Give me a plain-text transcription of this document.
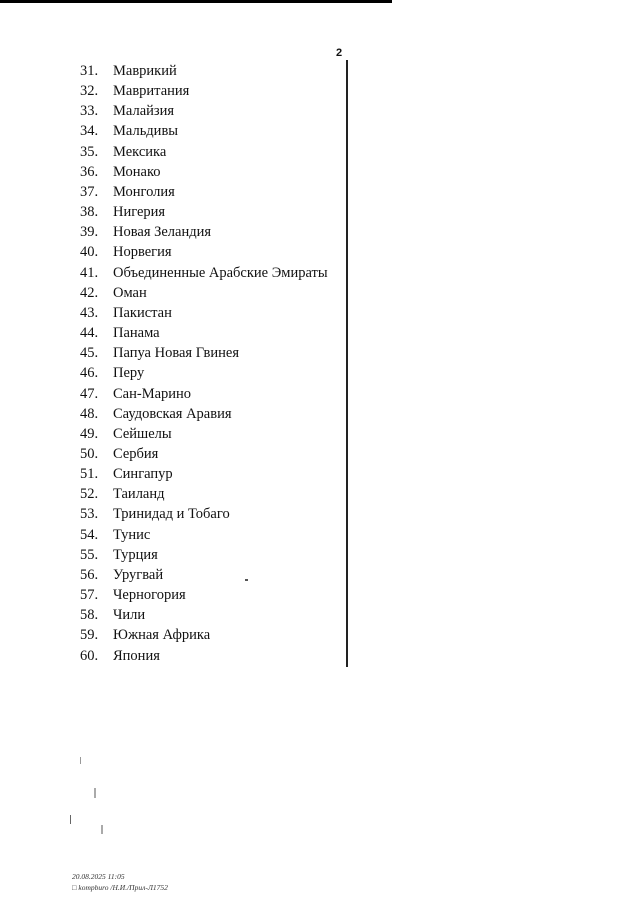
2
31. Маврикий
32. Мавритания
33. Малайзия
34. Мальдивы
35. Мексика
36. Монако
37. Монголия
38. Нигерия
39. Новая Зеландия
40. Норвегия
41. Объединенные Арабские Эмираты
42. Оман
43. Пакистан
44. Панама
45. Папуа Новая Гвинея
46. Перу
47. Сан-Марино
48. Саудовская Аравия
49. Сейшелы
50. Сербия
51. Сингапур
52. Таиланд
53. Тринидад и Тобаго
54. Тунис
55. Турция
56. Уругвай
57. Черногория
58. Чили
59. Южная Африка
60. Япония
20.08.2025 11:05
□ kompburo /Н.И./Прил-Л1752
